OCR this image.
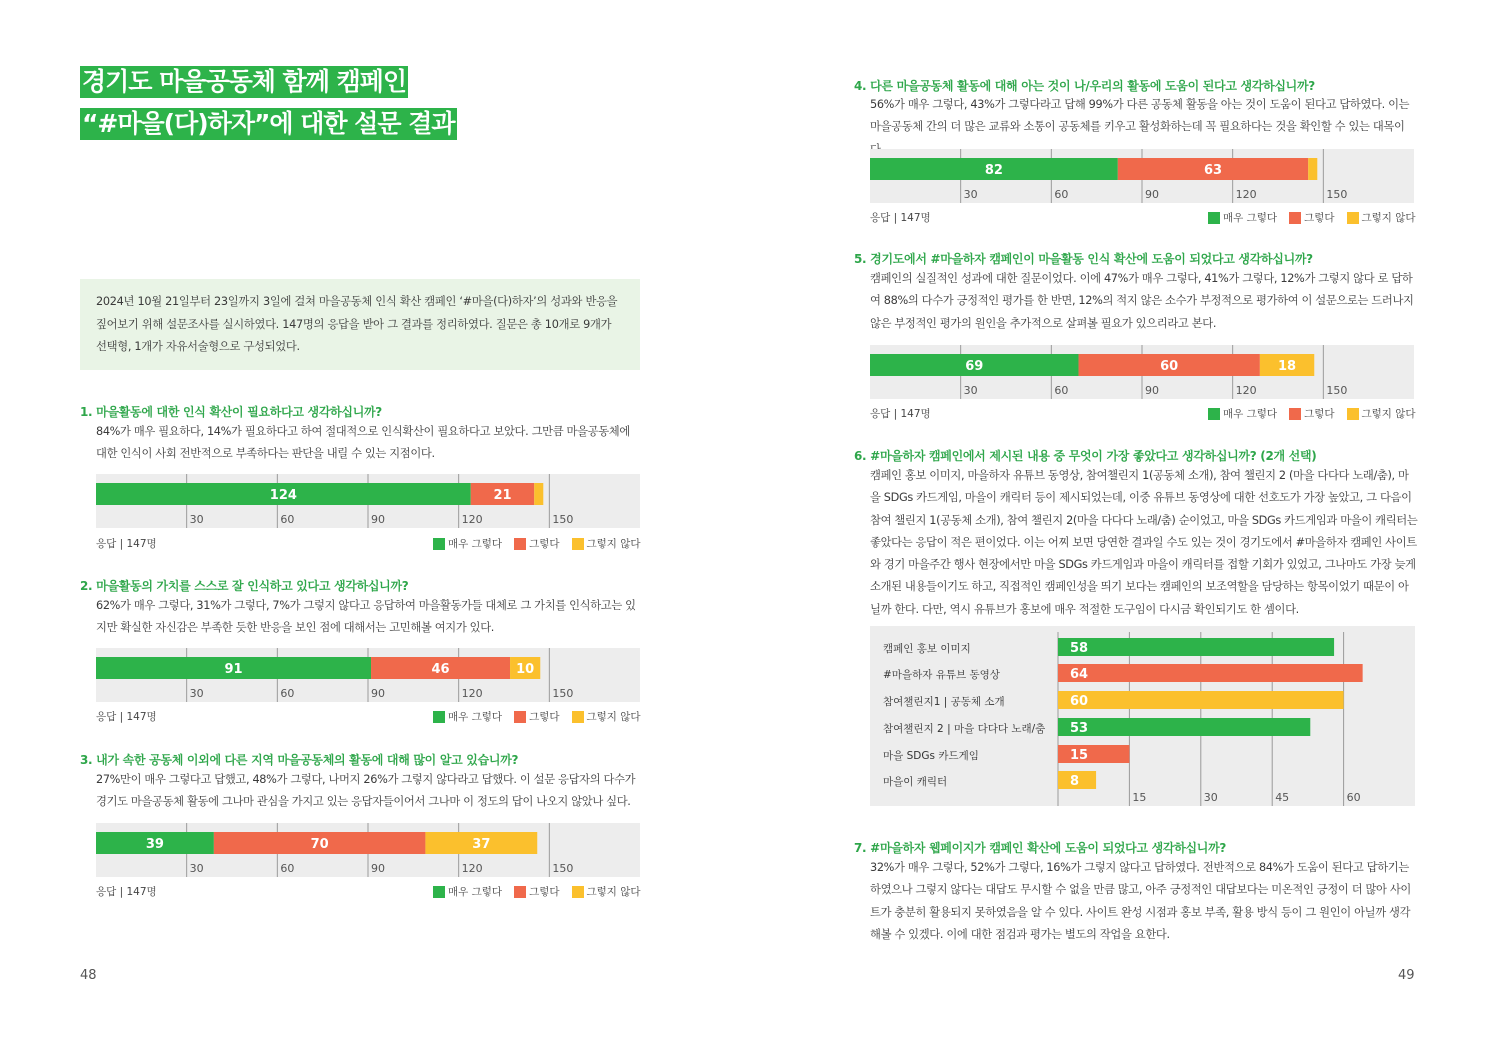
경기도 마을공동체 함께 캠페인
“#마을(다)하자”에 대한 설문 결과
2024년 10월 21일부터 23일까지 3일에 걸쳐 마을공동체 인식 확산 캠페인 ‘#마을(다)하자’의 성과와 반응을 짚어보기 위해 설문조사를 실시하였다. 147명의 응답을 받아 그 결과를 정리하였다. 질문은 총 10개로 9개가 선택형, 1개가 자유서술형으로 구성되었다.
1. 마을활동에 대한 인식 확산이 필요하다고 생각하십니까?
84%가 매우 필요하다, 14%가 필요하다고 하여 절대적으로 인식확산이 필요하다고 보았다. 그만큼 마을공동체에 대한 인식이 사회 전반적으로 부족하다는 판단을 내릴 수 있는 지점이다.
30	60	90	120	150
124	21
응답 | 147명	매우 그렇다	그렇다	그렇지 않다
2. 마을활동의 가치를 스스로 잘 인식하고 있다고 생각하십니까?
62%가 매우 그렇다, 31%가 그렇다, 7%가 그렇지 않다고 응답하여 마을활동가들 대체로 그 가치를 인식하고는 있지만 확실한 자신감은 부족한 듯한 반응을 보인 점에 대해서는 고민해볼 여지가 있다.
30	60	90	120	150
91	46	10
응답 | 147명	매우 그렇다	그렇다	그렇지 않다
3. 내가 속한 공동체 이외에 다른 지역 마을공동체의 활동에 대해 많이 알고 있습니까?
27%만이 매우 그렇다고 답했고, 48%가 그렇다, 나머지 26%가 그렇지 않다라고 답했다. 이 설문 응답자의 다수가 경기도 마을공동체 활동에 그나마 관심을 가지고 있는 응답자들이어서 그나마 이 정도의 답이 나오지 않았나 싶다.
30	60	90	120	150
39	70	37
응답 | 147명	매우 그렇다	그렇다	그렇지 않다
48
4. 다른 마을공동체 활동에 대해 아는 것이 나/우리의 활동에 도움이 된다고 생각하십니까?
56%가 매우 그렇다, 43%가 그렇다라고 답해 99%가 다른 공동체 활동을 아는 것이 도움이 된다고 답하였다. 이는 마을공동체 간의 더 많은 교류와 소통이 공동체를 키우고 활성화하는데 꼭 필요하다는 것을 확인할 수 있는 대목이
30	60	90	120	150
82	63
응답 | 147명	매우 그렇다	그렇다	그렇지 않다
5. 경기도에서 #마을하자 캠페인이 마을활동 인식 확산에 도움이 되었다고 생각하십니까?
캠페인의 실질적인 성과에 대한 질문이었다. 이에 47%가 매우 그렇다, 41%가 그렇다, 12%가 그렇지 않다 로 답하여 88%의 다수가 긍정적인 평가를 한 반면, 12%의 적지 않은 소수가 부정적으로 평가하여 이 설문으로는 드러나지 않은 부정적인 평가의 원인을 추가적으로 살펴볼 필요가 있으리라고 본다.
30	60	90	120	150
69	60	18
응답 | 147명	매우 그렇다	그렇다	그렇지 않다
6. #마을하자 캠페인에서 제시된 내용 중 무엇이 가장 좋았다고 생각하십니까? (2개 선택)
캠페인 홍보 이미지, 마을하자 유튜브 동영상, 참여챌린지 1(공동체 소개), 참여 챌린지 2 (마을 다다다 노래/춤), 마을 SDGs 카드게임, 마을이 캐릭터 등이 제시되었는데, 이중 유튜브 동영상에 대한 선호도가 가장 높았고, 그 다음이 참여 챌린지 1(공동체 소개), 참여 챌린지 2(마을 다다다 노래/춤) 순이었고, 마을 SDGs 카드게임과 마을이 캐릭터는 좋았다는 응답이 적은 편이었다. 이는 어찌 보면 당연한 결과일 수도 있는 것이 경기도에서 #마을하자 캠페인 사이트와 경기 마을주간 행사 현장에서만 마을 SDGs 카드게임과 마을이 캐릭터를 접할 기회가 있었고, 그나마도 가장 늦게 소개된 내용들이기도 하고, 직접적인 캠페인성을 띄기 보다는 캠페인의 보조역할을 담당하는 항목이었기 때문이 아닐까 한다. 다만, 역시 유튜브가 홍보에 매우 적절한 도구임이 다시금 확인되기도 한 셈이다.
15	30	45	60
캠페인 홍보 이미지	58
#마을하자 유튜브 동영상	64
참여챌린지1 | 공동체 소개	60
참여챌린지 2 | 마을 다다다 노래/춤 53
마을 SDGs 카드게임	15
마을이 캐릭터	8
7. #마을하자 웹페이지가 캠페인 확산에 도움이 되었다고 생각하십니까?
32%가 매우 그렇다, 52%가 그렇다, 16%가 그렇지 않다고 답하였다. 전반적으로 84%가 도움이 된다고 답하기는 하였으나 그렇지 않다는 대답도 무시할 수 없을 만큼 많고, 아주 긍정적인 대답보다는 미온적인 긍정이 더 많아 사이트가 충분히 활용되지 못하였음을 알 수 있다. 사이트 완성 시점과 홍보 부족, 활용 방식 등이 그 원인이 아닐까 생각해볼 수 있겠다. 이에 대한 점검과 평가는 별도의 작업을 요한다.
49
